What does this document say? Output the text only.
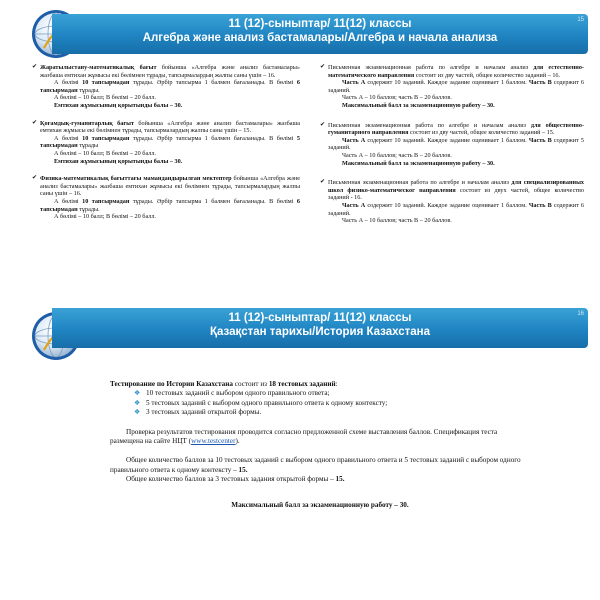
11 (12)-сыныптар/ 11(12) классы
Алгебра және анализ бастамалары/Алгебра и начала анализа
15
✔ Жаратылыстану-математикалық бағыт бойынша «Алгебра және анализ бастамалары» жазбаша емтихан жұмысы екі бөлімнен тұрады, тапсырмалардың жалпы саны үшін – 16.

А бөлімі 10 тапсырмадан тұрады. Әрбір тапсырма 1 балмен бағаланады. В бөлімі 6 тапсырмадан тұрады.

А бөлімі – 10 балл; В бөлімі – 20 балл.

Емтихан жұмысының қорытынды балы – 30.

✔ Қоғамдық-гуманитарлық бағыт бойынша «Алгебра және анализ бастамалары» жазбаша емтихан жұмысы екі бөлімнен тұрады, тапсырмалардың жалпы саны үшін – 15.

А бөлімі 10 тапсырмадан тұрады. Әрбір тапсырма 1 балмен бағаланады. В бөлімі 5 тапсырмадан тұрады

А бөлімі – 10 балл; В бөлімі – 20 балл.

Емтихан жұмысының қорытынды балы – 30.

✔ Физика-математикалық бағыттағы мамандандырылған мектептер бойынша «Алгебра және анализ бастамалары» жазбаша емтихан жұмысы екі бөлімнен тұрады, тапсырмалардың жалпы саны үшін – 16.

А бөлімі 10 тапсырмадан тұрады. Әрбір тапсырма 1 балмен бағаланады. В бөлімі 6 тапсырмадан тұрады.

А бөлімі – 10 балл; В бөлімі – 20 балл.

✔ Письменная экзаменационная работа по алгебре и началам анализ для естественно-математического направления состоит из дву частей, общее количество заданий – 16.

Часть А содержит 10 заданий. Каждое задание оценивает 1 баллом. Часть В содержит 6 заданий.

Часть А – 10 баллов; часть В – 20 баллов.

Максимальный балл за экзаменационную работу – 30.

✔ Письменная экзаменационная работа по алгебре и началам анализ для общественно-гуманитарного направления состоит из дву частей, общее количество заданий – 15.

Часть А содержит 10 заданий. Каждое задание оценивает 1 баллом. Часть В содержит 5 заданий.

Часть А – 10 баллов; часть В – 20 баллов.

Максимальный балл за экзаменационную работу – 30.

✔ Письменная экзаменационная работа по алгебре и началам анализ для специализированных школ физико-математическог направления состоит из двух частей, общее количество заданий - 16.

Часть А содержит 10 заданий. Каждое задание оценивает 1 баллом. Часть В содержит 6 заданий.

Часть А – 10 баллов; часть В – 20 баллов.

11 (12)-сыныптар/ 11(12) классы
Қазақстан тарихы/История Казахстана
16

Тестирование по Истории Казахстана состоит из 18 тестовых заданий:

❖ 10 тестовых заданий с выбором одного правильного ответа;
❖ 5 тестовых заданий с выбором одного правильного ответа к одному контексту;
❖ 3 тестовых заданий открытой формы.

Проверка результатов тестирования проводится согласно предложенной схеме выставления баллов. Спецификация теста размещена на сайте НЦТ (www.testcenter).

Общее количество баллов за 10 тестовых заданий с выбором одного правильного ответа и 5 тестовых заданий с выбором одного правильного ответа к одному контексту – 15.

Общее количество баллов за 3 тестовых задания открытой формы – 15.

Максимальный балл за экзаменационную работу – 30.
